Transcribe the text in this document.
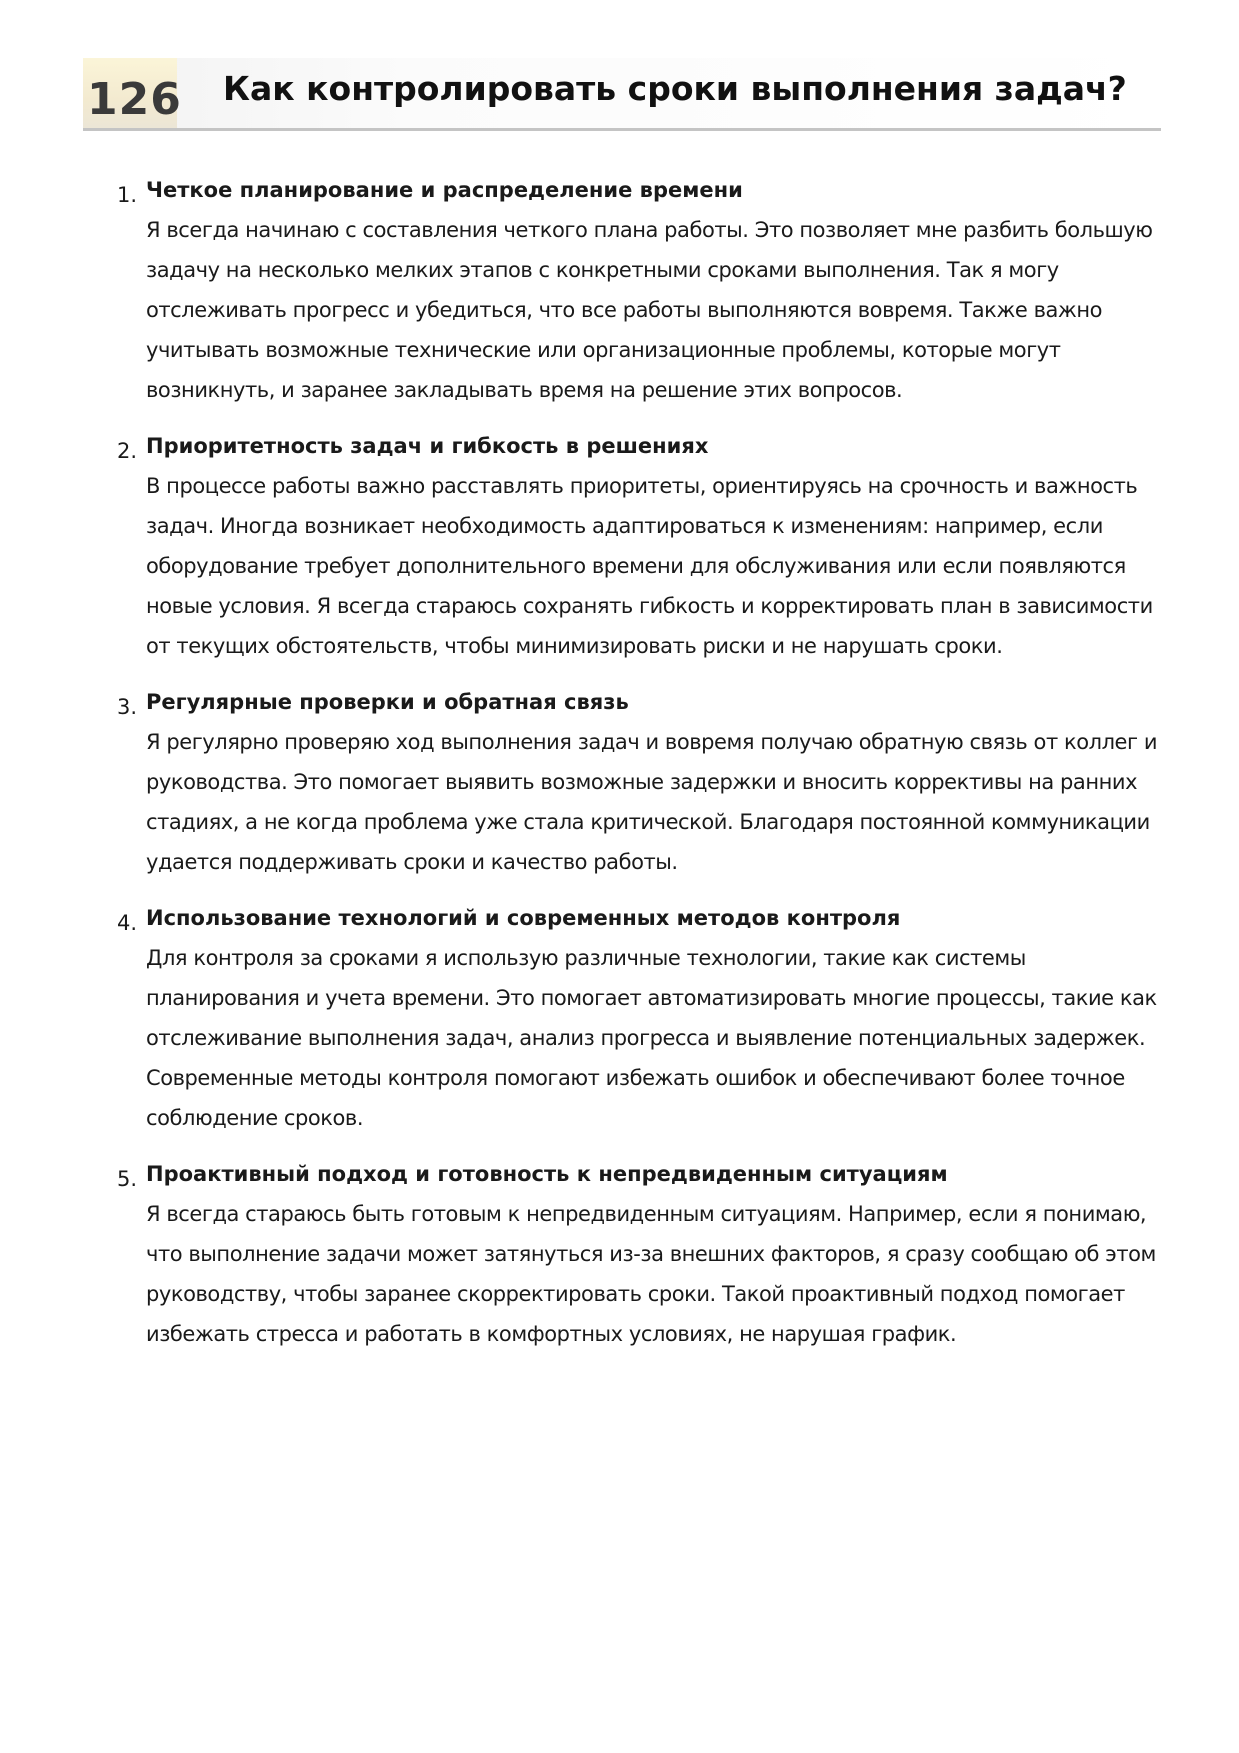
126 Как контролировать сроки выполнения задач?
1. Четкое планирование и распределение времени
Я всегда начинаю с составления четкого плана работы. Это позволяет мне разбить большую задачу на несколько мелких этапов с конкретными сроками выполнения. Так я могу отслеживать прогресс и убедиться, что все работы выполняются вовремя. Также важно учитывать возможные технические или организационные проблемы, которые могут возникнуть, и заранее закладывать время на решение этих вопросов.
2. Приоритетность задач и гибкость в решениях
В процессе работы важно расставлять приоритеты, ориентируясь на срочность и важность задач. Иногда возникает необходимость адаптироваться к изменениям: например, если оборудование требует дополнительного времени для обслуживания или если появляются новые условия. Я всегда стараюсь сохранять гибкость и корректировать план в зависимости от текущих обстоятельств, чтобы минимизировать риски и не нарушать сроки.
3. Регулярные проверки и обратная связь
Я регулярно проверяю ход выполнения задач и вовремя получаю обратную связь от коллег и руководства. Это помогает выявить возможные задержки и вносить коррективы на ранних стадиях, а не когда проблема уже стала критической. Благодаря постоянной коммуникации удается поддерживать сроки и качество работы.
4. Использование технологий и современных методов контроля
Для контроля за сроками я использую различные технологии, такие как системы планирования и учета времени. Это помогает автоматизировать многие процессы, такие как отслеживание выполнения задач, анализ прогресса и выявление потенциальных задержек. Современные методы контроля помогают избежать ошибок и обеспечивают более точное соблюдение сроков.
5. Проактивный подход и готовность к непредвиденным ситуациям
Я всегда стараюсь быть готовым к непредвиденным ситуациям. Например, если я понимаю, что выполнение задачи может затянуться из-за внешних факторов, я сразу сообщаю об этом руководству, чтобы заранее скорректировать сроки. Такой проактивный подход помогает избежать стресса и работать в комфортных условиях, не нарушая график.
